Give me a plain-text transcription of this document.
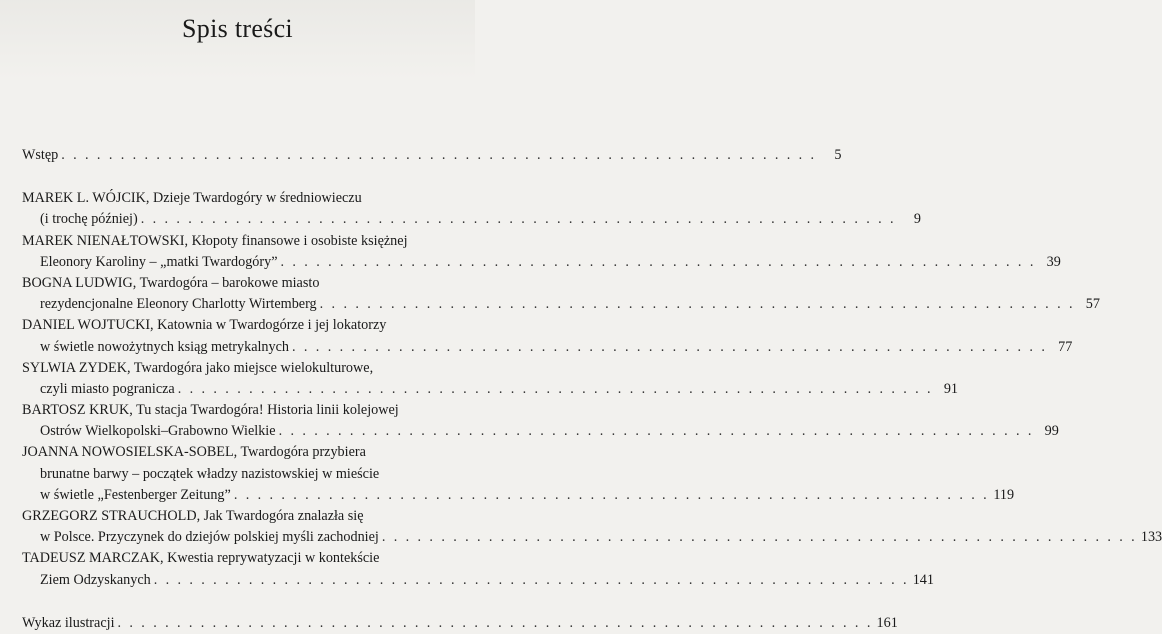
Spis treści
Wstęp . . . . . . . . . . . . . . . . . . . . . . . . . . . . . . . . . . . . . . . . . . . . . . . . . . . . . . . . . . . . . . . .	5
MAREK L. WÓJCIK, Dzieje Twardogóry w średniowieczu
(i trochę później) . . . . . . . . . . . . . . . . . . . . . . . . . . . . . . . . . . . . . . . . . . . . . . . . . . . . . . . . . . . . . . . .	9
MAREK NIENAŁTOWSKI, Kłopoty finansowe i osobiste księżnej
Eleonory Karoliny – „matki Twardogóry” . . . . . . . . . . . . . . . . . . . . . . . . . . . . . . . . . . . . . . . . . . . . . . . . . . . . . . . . . . . . . . . . 39
BOGNA LUDWIG, Twardogóra – barokowe miasto
rezydencjonalne Eleonory Charlotty Wirtemberg . . . . . . . . . . . . . . . . . . . . . . . . . . . . . . . . . . . . . . . . . . . . . . . . . . . . . . . . . . . . . . . . 57
DANIEL WOJTUCKI, Katownia w Twardogórze i jej lokatorzy
w świetle nowożytnych ksiąg metrykalnych . . . . . . . . . . . . . . . . . . . . . . . . . . . . . . . . . . . . . . . . . . . . . . . . . . . . . . . . . . . . . . . . 77
SYLWIA ZYDEK, Twardogóra jako miejsce wielokulturowe,
czyli miasto pogranicza . . . . . . . . . . . . . . . . . . . . . . . . . . . . . . . . . . . . . . . . . . . . . . . . . . . . . . . . . . . . . . . . 91
BARTOSZ KRUK, Tu stacja Twardogóra! Historia linii kolejowej
Ostrów Wielkopolski–Grabowno Wielkie . . . . . . . . . . . . . . . . . . . . . . . . . . . . . . . . . . . . . . . . . . . . . . . . . . . . . . . . . . . . . . . . 99
JOANNA NOWOSIELSKA-SOBEL, Twardogóra przybiera
brunatne barwy – początek władzy nazistowskiej w mieście
w świetle „Festenberger Zeitung” . . . . . . . . . . . . . . . . . . . . . . . . . . . . . . . . . . . . . . . . . . . . . . . . . . . . . . . . . . . . . . . . 119
GRZEGORZ STRAUCHOLD, Jak Twardogóra znalazła się
w Polsce. Przyczynek do dziejów polskiej myśli zachodniej . . . . . . . . . . . . . . . . . . . . . . . . . . . . . . . . . . . . . . . . . . . . . . . . . . . . . . . . . . . . . . . . 133
TADEUSZ MARCZAK, Kwestia reprywatyzacji w kontekście
Ziem Odzyskanych . . . . . . . . . . . . . . . . . . . . . . . . . . . . . . . . . . . . . . . . . . . . . . . . . . . . . . . . . . . . . . . . 141
Wykaz ilustracji . . . . . . . . . . . . . . . . . . . . . . . . . . . . . . . . . . . . . . . . . . . . . . . . . . . . . . . . . . . . . . . . 161
